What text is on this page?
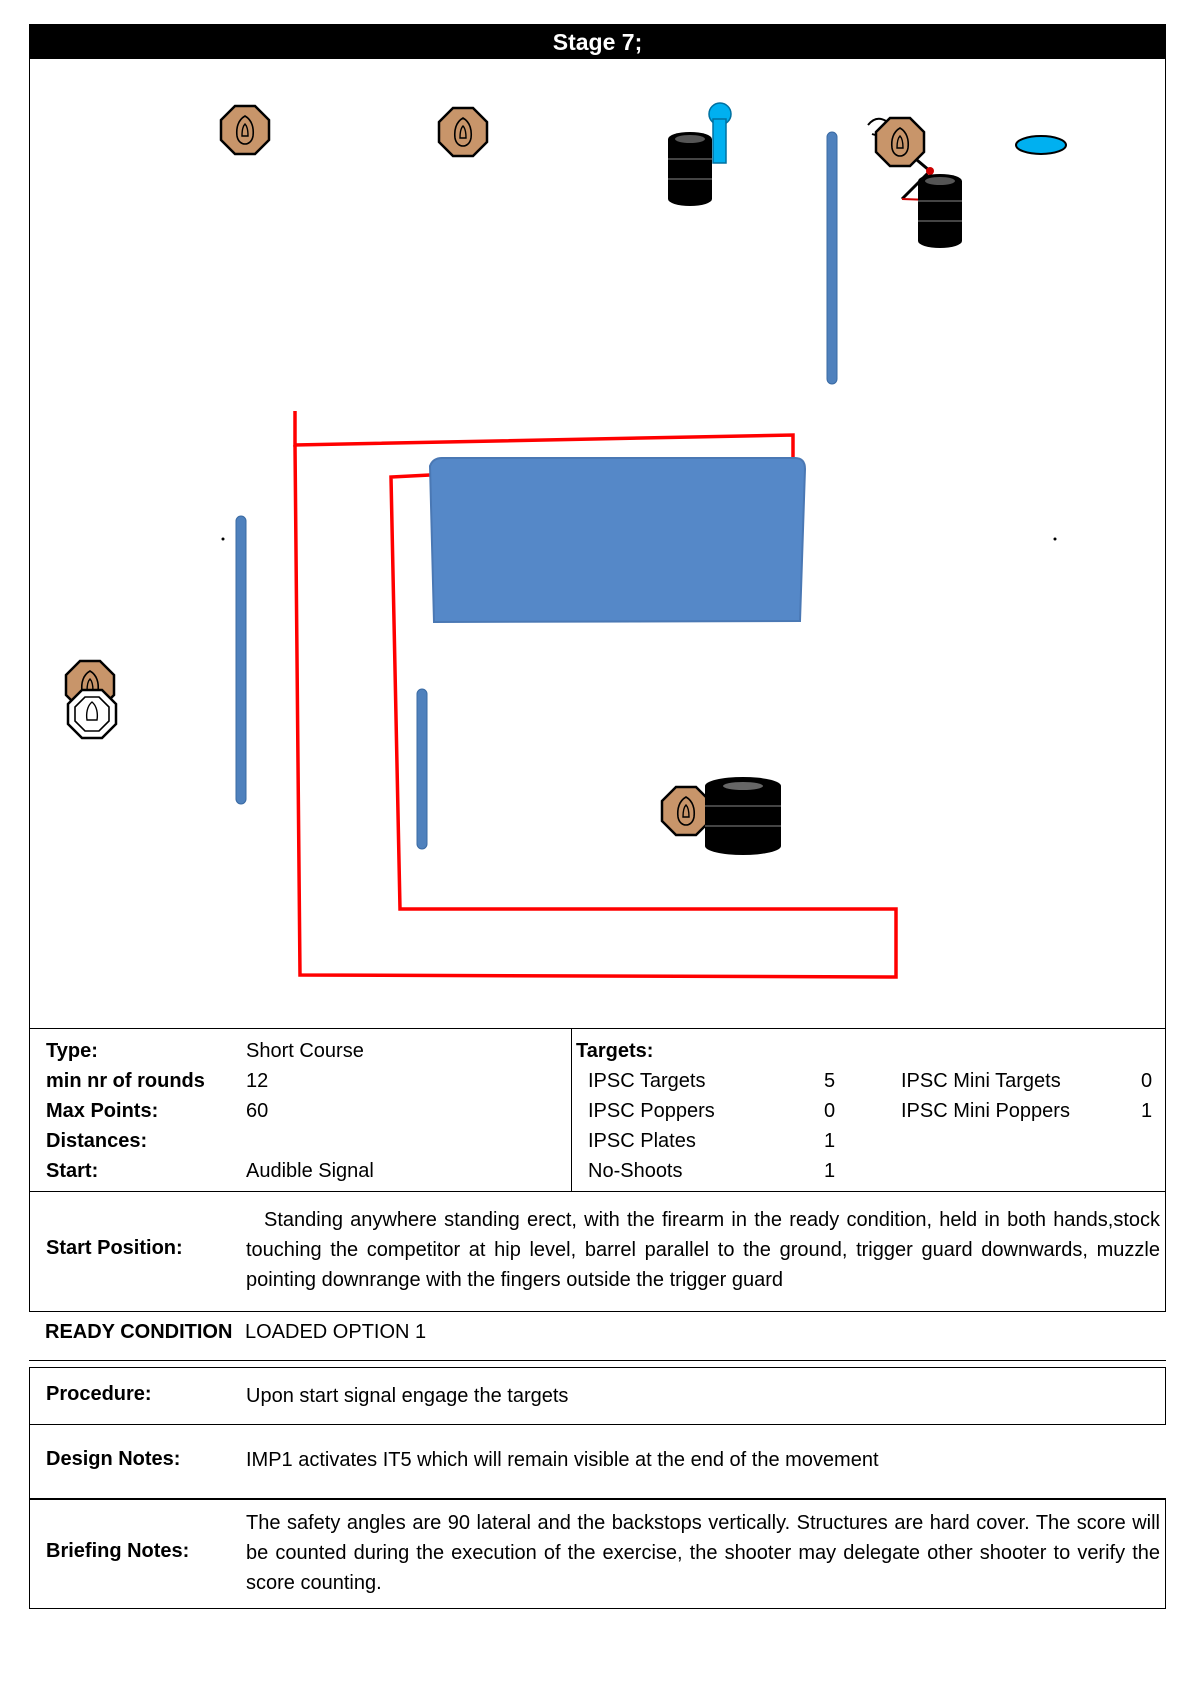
Stage 7;
Type:	Short Course
min nr of rounds 12
Max Points:	60
Distances:
Start:	Audible Signal
Targets:
IPSC Targets	5
IPSC Poppers	0
IPSC Plates	1
No-Shoots	1
IPSC Mini Targets	0
IPSC Mini Poppers	1
Start Position:
Standing anywhere standing erect, with the firearm in the ready condition, held in both hands,stock touching the competitor at hip level, barrel parallel to the ground, trigger guard downwards, muzzle pointing downrange with the fingers outside the trigger guard
READY CONDITION LOADED OPTION 1
Procedure:	Upon start signal engage the targets
Design Notes:	IMP1 activates IT5 which will remain visible at the end of the movement
Briefing Notes:
The safety angles are 90 lateral and the backstops vertically. Structures are hard cover. The score will be counted during the execution of the exercise, the shooter may delegate other shooter to verify the score counting.
